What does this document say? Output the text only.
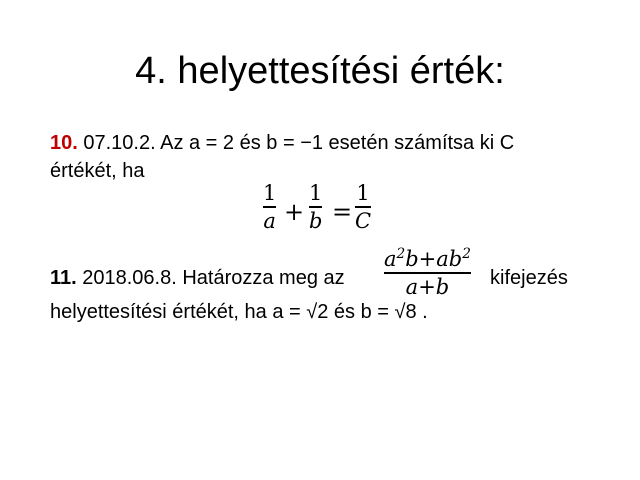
4. helyettesítési érték:
10. 07.10.2. Az a = 2 és b = −1 esetén számítsa ki C
értékét, ha
1
a +
1
b =
1
C
11. 2018.06.8. Határozza meg az
$a^2b+ab^2$
a+b kifejezés
helyettesítési értékét, ha a = √2 és b = √8 .
